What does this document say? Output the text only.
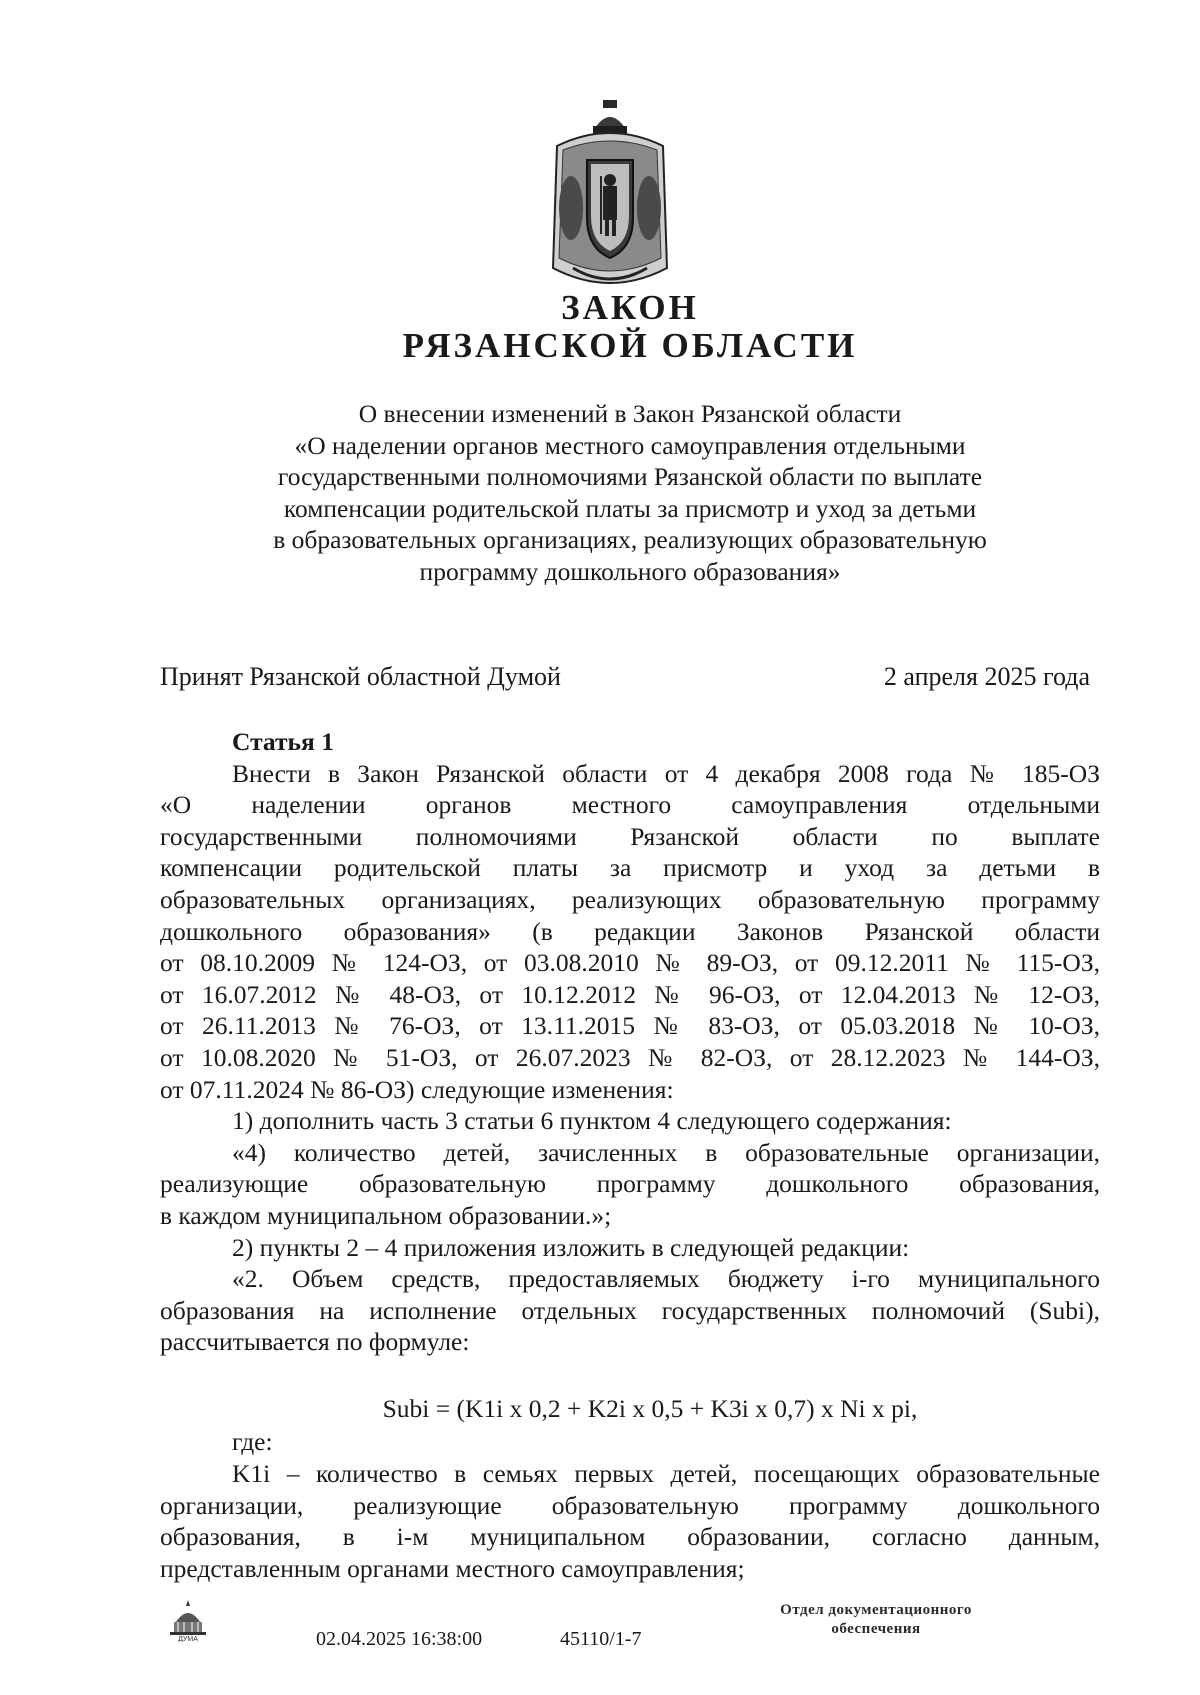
ЗАКОН
РЯЗАНСКОЙ ОБЛАСТИ
О внесении изменений в Закон Рязанской области
«О наделении органов местного самоуправления отдельными
государственными полномочиями Рязанской области по выплате
компенсации родительской платы за присмотр и уход за детьми
в образовательных организациях, реализующих образовательную
программу дошкольного образования»
Принят Рязанской областной Думой	2 апреля 2025 года

Статья 1

Внести в Закон Рязанской области от 4 декабря 2008 года № 185-ОЗ

«О наделении органов местного самоуправления отдельными

государственными полномочиями Рязанской области по выплате

компенсации родительской платы за присмотр и уход за детьми в

образовательных организациях, реализующих образовательную программу

дошкольного образования» (в редакции Законов Рязанской области

от 08.10.2009 № 124-ОЗ, от 03.08.2010 № 89-ОЗ, от 09.12.2011 № 115-ОЗ,

от 16.07.2012 № 48-ОЗ, от 10.12.2012 № 96-ОЗ, от 12.04.2013 № 12-ОЗ,

от 26.11.2013 № 76-ОЗ, от 13.11.2015 № 83-ОЗ, от 05.03.2018 № 10-ОЗ,

от 10.08.2020 № 51-ОЗ, от 26.07.2023 № 82-ОЗ, от 28.12.2023 № 144-ОЗ,

от 07.11.2024 № 86-ОЗ) следующие изменения:

1) дополнить часть 3 статьи 6 пунктом 4 следующего содержания:

«4) количество детей, зачисленных в образовательные организации,

реализующие образовательную программу дошкольного образования,

в каждом муниципальном образовании.»;

2) пункты 2 – 4 приложения изложить в следующей редакции:

«2. Объем средств, предоставляемых бюджету i-го муниципального

образования на исполнение отдельных государственных полномочий (Subi),

рассчитывается по формуле:

Subi = (K1i x 0,2 + K2i x 0,5 + K3i x 0,7) x Ni x pi,

где:

K1i – количество в семьях первых детей, посещающих образовательные

организации, реализующие образовательную программу дошкольного

образования, в i-м муниципальном образовании, согласно данным,

представленным органами местного самоуправления;

ДУМА	02.04.2025 16:38:00	45110/1-7
Отдел документационного
обеспечения
